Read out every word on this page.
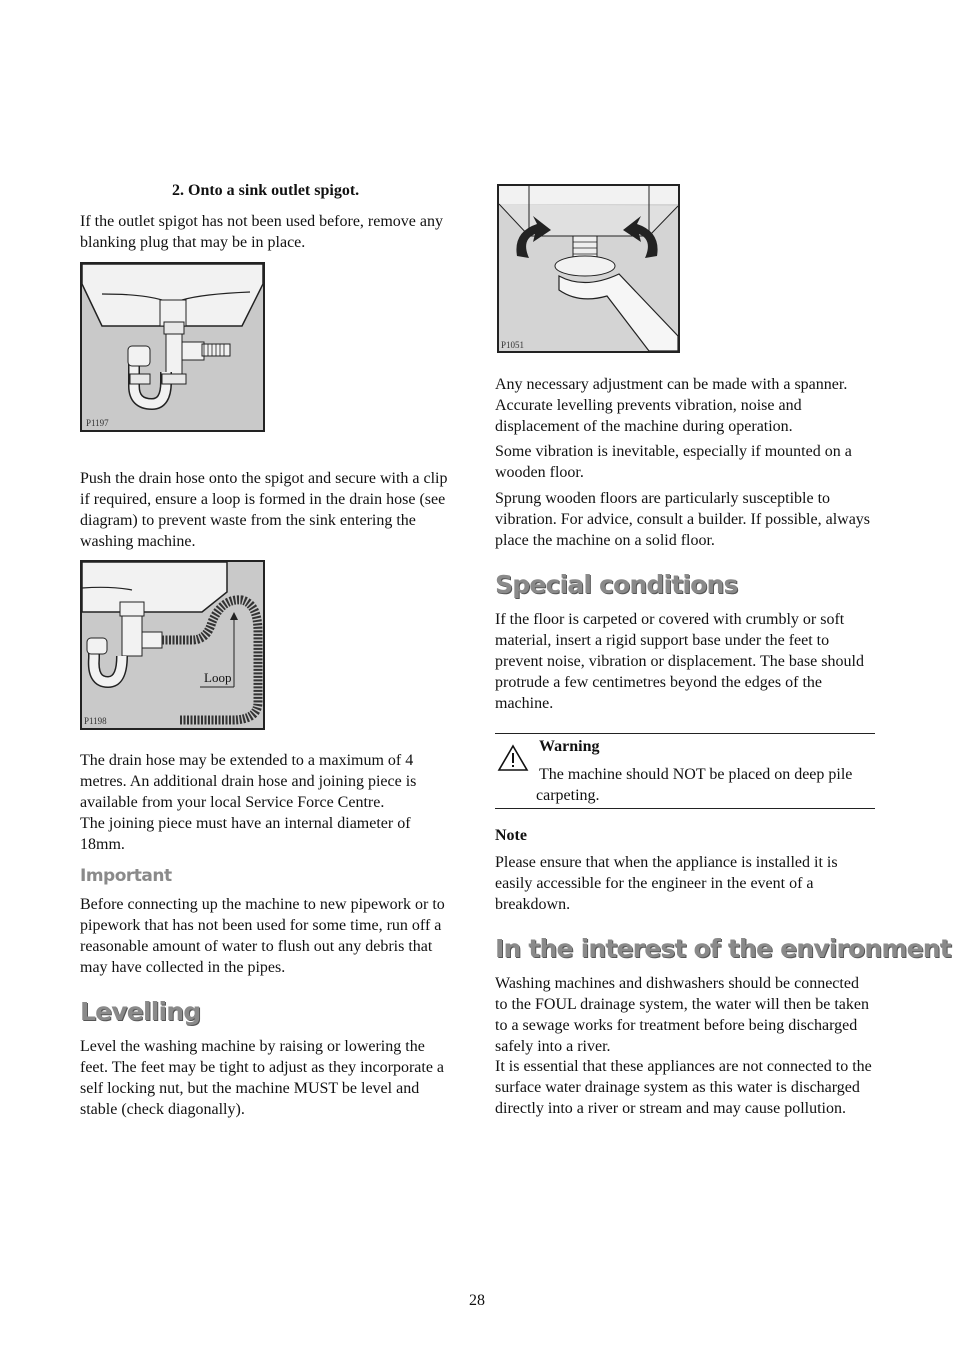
2. Onto a sink outlet spigot.

If the outlet spigot has not been used before, remove any blanking plug that may be in place.

P1197

Push the drain hose onto the spigot and secure with a clip if required, ensure a loop is formed in the drain hose (see diagram) to prevent waste from the sink entering the washing machine.

Loop
P1198

The drain hose may be extended to a maximum of 4 metres. An additional drain hose and joining piece is available from your local Service Force Centre.

The joining piece must have an internal diameter of 18mm.

Important

Before connecting up the machine to new pipework or to pipework that has not been used for some time, run off a reasonable amount of water to flush out any debris that may have collected in the pipes.

Levelling

Level the washing machine by raising or lowering the feet. The feet may be tight to adjust as they incorporate a self locking nut, but the machine MUST be level and stable (check diagonally).

P1051

Any necessary adjustment can be made with a spanner. Accurate levelling prevents vibration, noise and displacement of the machine during operation.

Some vibration is inevitable, especially if mounted on a wooden floor.

Sprung wooden floors are particularly susceptible to vibration. For advice, consult a builder. If possible, always place the machine on a solid floor.

Special conditions

If the floor is carpeted or covered with crumbly or soft material, insert a rigid support base under the feet to prevent noise, vibration or displacement. The base should protrude a few centimetres beyond the edges of the machine.

Warning

The machine should NOT be placed on deep pile carpeting.

Note

Please ensure that when the appliance is installed it is easily accessible for the engineer in the event of a breakdown.

In the interest of the environment

Washing machines and dishwashers should be connected to the FOUL drainage system, the water will then be taken to a sewage works for treatment before being discharged safely into a river.

It is essential that these appliances are not connected to the surface water drainage system as this water is discharged directly into a river or stream and may cause pollution.

28
